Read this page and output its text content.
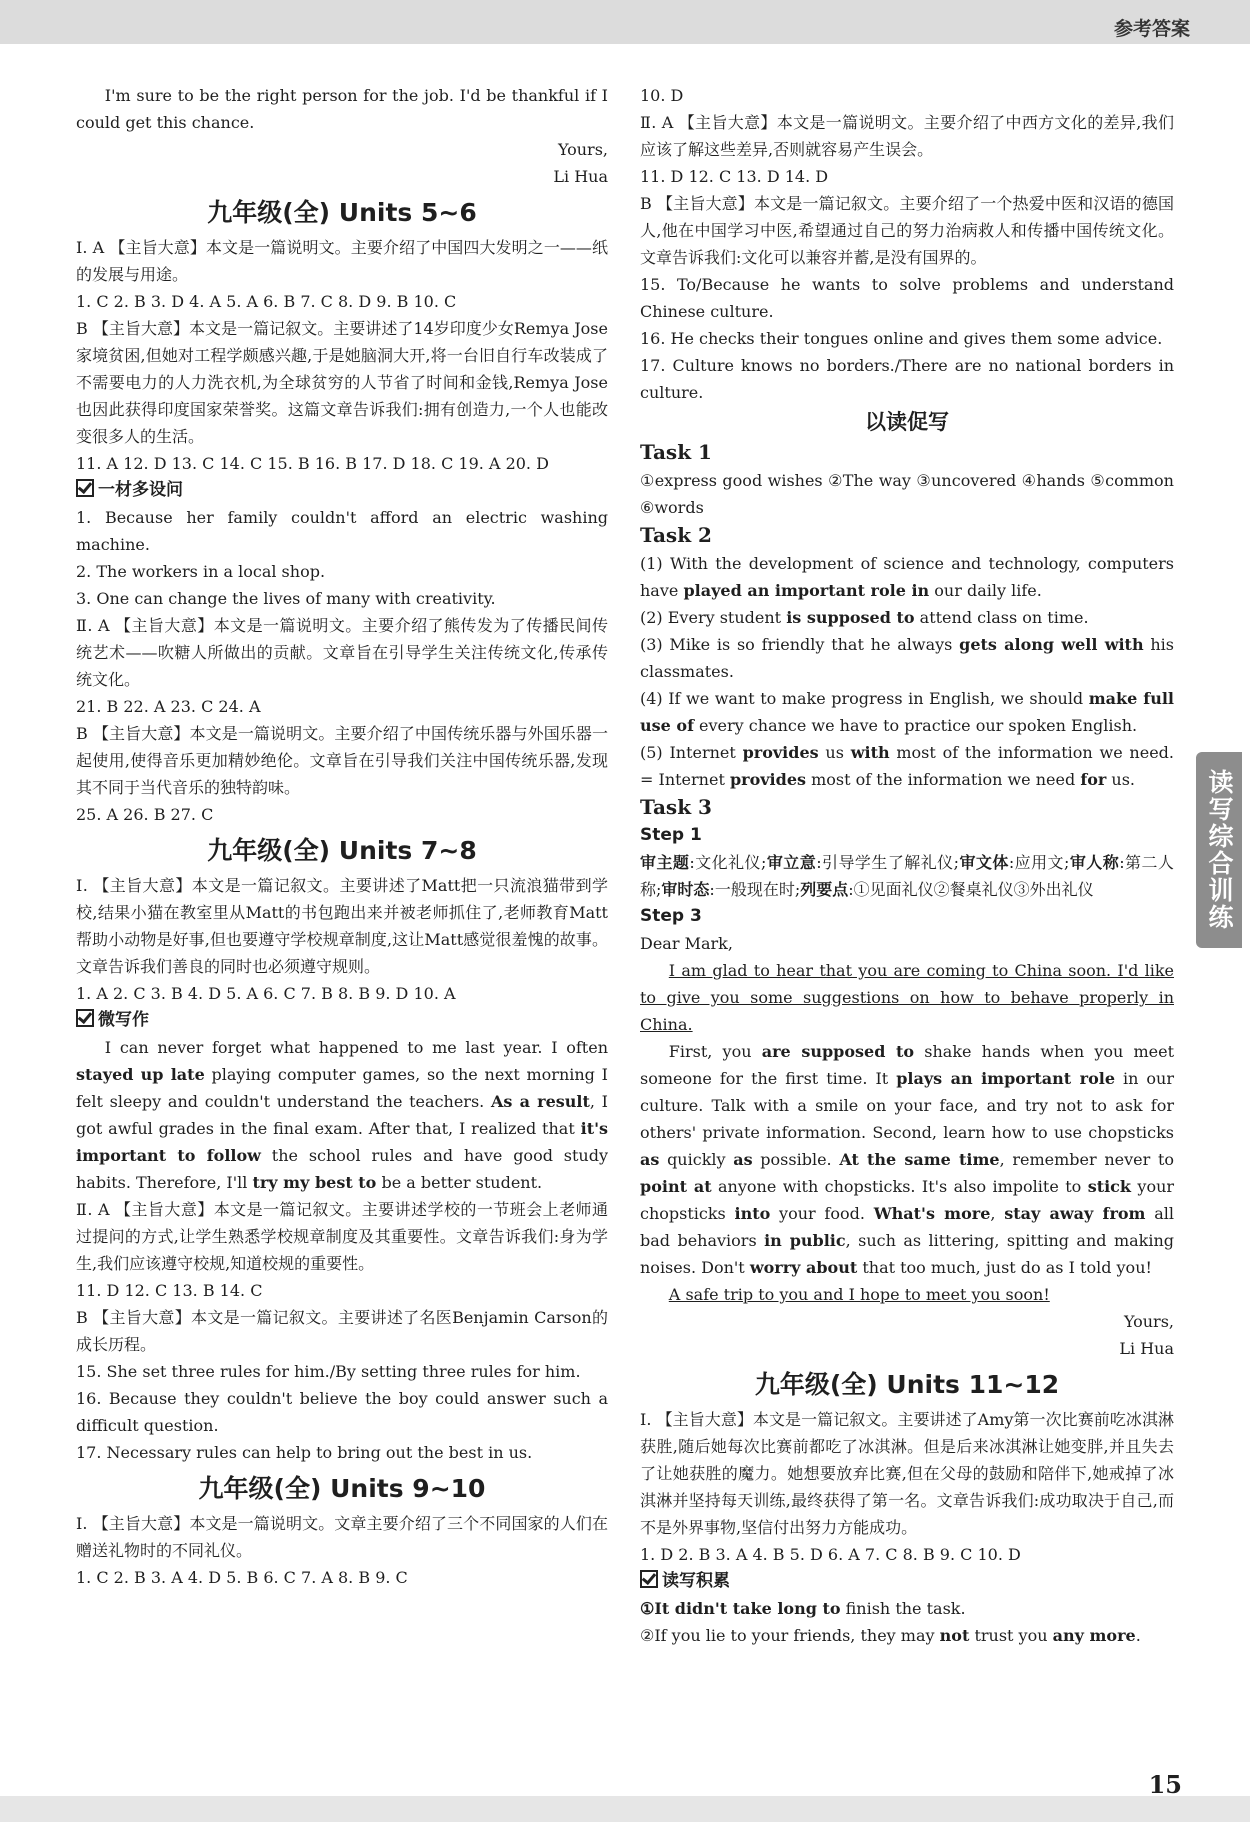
参考答案
读写综合训练

I'm sure to be the right person for the job. I'd be thankful if I could get this chance.

Yours,

Li Hua

九年级(全) Units 5~6

Ⅰ. A 【主旨大意】本文是一篇说明文。主要介绍了中国四大发明之一——纸的发展与用途。

1. C 2. B 3. D 4. A 5. A 6. B 7. C 8. D 9. B 10. C

B 【主旨大意】本文是一篇记叙文。主要讲述了14岁印度少女Remya Jose家境贫困,但她对工程学颇感兴趣,于是她脑洞大开,将一台旧自行车改装成了不需要电力的人力洗衣机,为全球贫穷的人节省了时间和金钱,Remya Jose也因此获得印度国家荣誉奖。这篇文章告诉我们:拥有创造力,一个人也能改变很多人的生活。

11. A 12. D 13. C 14. C 15. B 16. B 17. D 18. C 19. A 20. D

一材多设问

1. Because her family couldn't afford an electric washing machine.

2. The workers in a local shop.

3. One can change the lives of many with creativity.

Ⅱ. A 【主旨大意】本文是一篇说明文。主要介绍了熊传发为了传播民间传统艺术——吹糖人所做出的贡献。文章旨在引导学生关注传统文化,传承传统文化。

21. B 22. A 23. C 24. A

B 【主旨大意】本文是一篇说明文。主要介绍了中国传统乐器与外国乐器一起使用,使得音乐更加精妙绝伦。文章旨在引导我们关注中国传统乐器,发现其不同于当代音乐的独特韵味。

25. A 26. B 27. C

九年级(全) Units 7~8

Ⅰ. 【主旨大意】本文是一篇记叙文。主要讲述了Matt把一只流浪猫带到学校,结果小猫在教室里从Matt的书包跑出来并被老师抓住了,老师教育Matt帮助小动物是好事,但也要遵守学校规章制度,这让Matt感觉很羞愧的故事。文章告诉我们善良的同时也必须遵守规则。

1. A 2. C 3. B 4. D 5. A 6. C 7. B 8. B 9. D 10. A

微写作

I can never forget what happened to me last year. I often stayed up late playing computer games, so the next morning I felt sleepy and couldn't understand the teachers. As a result, I got awful grades in the final exam. After that, I realized that it's important to follow the school rules and have good study habits. Therefore, I'll try my best to be a better student.

Ⅱ. A 【主旨大意】本文是一篇记叙文。主要讲述学校的一节班会上老师通过提问的方式,让学生熟悉学校规章制度及其重要性。文章告诉我们:身为学生,我们应该遵守校规,知道校规的重要性。

11. D 12. C 13. B 14. C

B 【主旨大意】本文是一篇记叙文。主要讲述了名医Benjamin Carson的成长历程。

15. She set three rules for him./By setting three rules for him.

16. Because they couldn't believe the boy could answer such a difficult question.

17. Necessary rules can help to bring out the best in us.

九年级(全) Units 9~10

Ⅰ. 【主旨大意】本文是一篇说明文。文章主要介绍了三个不同国家的人们在赠送礼物时的不同礼仪。

1. C 2. B 3. A 4. D 5. B 6. C 7. A 8. B 9. C

10. D

Ⅱ. A 【主旨大意】本文是一篇说明文。主要介绍了中西方文化的差异,我们应该了解这些差异,否则就容易产生误会。

11. D 12. C 13. D 14. D

B 【主旨大意】本文是一篇记叙文。主要介绍了一个热爱中医和汉语的德国人,他在中国学习中医,希望通过自己的努力治病救人和传播中国传统文化。文章告诉我们:文化可以兼容并蓄,是没有国界的。

15. To/Because he wants to solve problems and understand Chinese culture.

16. He checks their tongues online and gives them some advice.

17. Culture knows no borders./There are no national borders in culture.

以读促写
Task 1

①express good wishes ②The way ③uncovered ④hands ⑤common ⑥words

Task 2

(1) With the development of science and technology, computers have played an important role in our daily life.

(2) Every student is supposed to attend class on time.

(3) Mike is so friendly that he always gets along well with his classmates.

(4) If we want to make progress in English, we should make full use of every chance we have to practice our spoken English.

(5) Internet provides us with most of the information we need. = Internet provides most of the information we need for us.

Task 3
Step 1

审主题:文化礼仪;审立意:引导学生了解礼仪;审文体:应用文;审人称:第二人称;审时态:一般现在时;列要点:①见面礼仪②餐桌礼仪③外出礼仪

Step 3

Dear Mark,

I am glad to hear that you are coming to China soon. I'd like to give you some suggestions on how to behave properly in China.

First, you are supposed to shake hands when you meet someone for the first time. It plays an important role in our culture. Talk with a smile on your face, and try not to ask for others' private information. Second, learn how to use chopsticks as quickly as possible. At the same time, remember never to point at anyone with chopsticks. It's also impolite to stick your chopsticks into your food. What's more, stay away from all bad behaviors in public, such as littering, spitting and making noises. Don't worry about that too much, just do as I told you!

A safe trip to you and I hope to meet you soon!

Yours,

Li Hua

九年级(全) Units 11~12

Ⅰ. 【主旨大意】本文是一篇记叙文。主要讲述了Amy第一次比赛前吃冰淇淋获胜,随后她每次比赛前都吃了冰淇淋。但是后来冰淇淋让她变胖,并且失去了让她获胜的魔力。她想要放弃比赛,但在父母的鼓励和陪伴下,她戒掉了冰淇淋并坚持每天训练,最终获得了第一名。文章告诉我们:成功取决于自己,而不是外界事物,坚信付出努力方能成功。

1. D 2. B 3. A 4. B 5. D 6. A 7. C 8. B 9. C 10. D

读写积累

①It didn't take long to finish the task.

②If you lie to your friends, they may not trust you any more.

15
